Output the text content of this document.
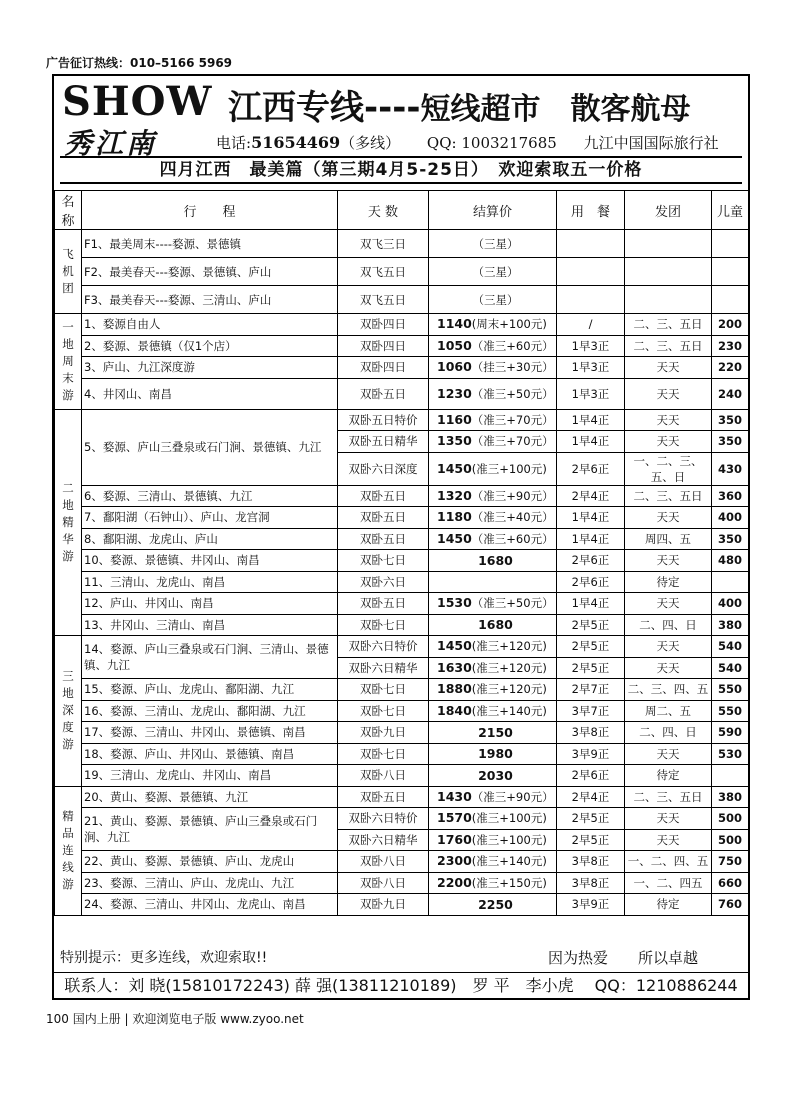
广告征订热线：010–5166 5969
SHOW
秀江南
江西专线----短线超市　散客航母
电话:51654469（多线） QQ: 1003217685 九江中国国际旅行社
四月江西　最美篇（第三期4月5-25日）　欢迎索取五一价格
名称	行　　程	天 数	结算价	用　餐	发团	儿童
飞机团	F1、最美周末----婺源、景德镇	双飞三日	（三星）			
	F2、最美春天---婺源、景德镇、庐山	双飞五日	（三星）			
	F3、最美春天---婺源、三清山、庐山	双飞五日	（三星）			
一地周末游	1、婺源自由人	双卧四日	1140(周末+100元)	/	二、三、五日	200
	2、婺源、景德镇（仅1个店）	双卧四日	1050（准三+60元）	1早3正	二、三、五日	230
	3、庐山、九江深度游	双卧四日	1060（挂三+30元）	1早3正	天天	220
	4、井冈山、南昌	双卧五日	1230（准三+50元）	1早3正	天天	240
二地精华游	5、婺源、庐山三叠泉或石门涧、景德镇、九江	双卧五日特价	1160（准三+70元）	1早4正	天天	350
		双卧五日精华	1350（准三+70元）	1早4正	天天	350
		双卧六日深度	1450(准三+100元)	2早6正	一、二、三、五、日	430
	6、婺源、三清山、景德镇、九江	双卧五日	1320（准三+90元）	2早4正	二、三、五日	360
	7、鄱阳湖（石钟山）、庐山、龙宫洞	双卧五日	1180（准三+40元）	1早4正	天天	400
	8、鄱阳湖、龙虎山、庐山	双卧五日	1450（准三+60元）	1早4正	周四、五	350
	10、婺源、景德镇、井冈山、南昌	双卧七日	1680	2早6正	天天	480
	11、三清山、龙虎山、南昌	双卧六日		2早6正	待定	
	12、庐山、井冈山、南昌	双卧五日	1530（准三+50元）	1早4正	天天	400
	13、井冈山、三清山、南昌	双卧七日	1680	2早5正	二、四、日	380
三地深度游	14、婺源、庐山三叠泉或石门涧、三清山、景德镇、九江	双卧六日特价	1450(准三+120元)	2早5正	天天	540
		双卧六日精华	1630(准三+120元)	2早5正	天天	540
	15、婺源、庐山、龙虎山、鄱阳湖、九江	双卧七日	1880(准三+120元)	2早7正	二、三、四、五	550
	16、婺源、三清山、龙虎山、鄱阳湖、九江	双卧七日	1840(准三+140元)	3早7正	周二、五	550
	17、婺源、三清山、井冈山、景德镇、南昌	双卧九日	2150	3早8正	二、四、日	590
	18、婺源、庐山、井冈山、景德镇、南昌	双卧七日	1980	3早9正	天天	530
	19、三清山、龙虎山、井冈山、南昌	双卧八日	2030	2早6正	待定	
精品连线游	20、黄山、婺源、景德镇、九江	双卧五日	1430（准三+90元）	2早4正	二、三、五日	380
	21、黄山、婺源、景德镇、庐山三叠泉或石门涧、九江	双卧六日特价	1570(准三+100元)	2早5正	天天	500
		双卧六日精华	1760(准三+100元)	2早5正	天天	500
	22、黄山、婺源、景德镇、庐山、龙虎山	双卧八日	2300(准三+140元)	3早8正	一、二、四、五	750
	23、婺源、三清山、庐山、龙虎山、九江	双卧八日	2200(准三+150元)	3早8正	一、二、四五	660
	24、婺源、三清山、井冈山、龙虎山、南昌	双卧九日	2250	3早9正	待定	760
特别提示：更多连线，欢迎索取!!	因为热爱　　所以卓越
联系人：刘 晓(15810172243) 薛 强(13811210189)　罗 平　李小虎　 QQ：1210886244
100 国内上册 | 欢迎浏览电子版 www.zyoo.net
